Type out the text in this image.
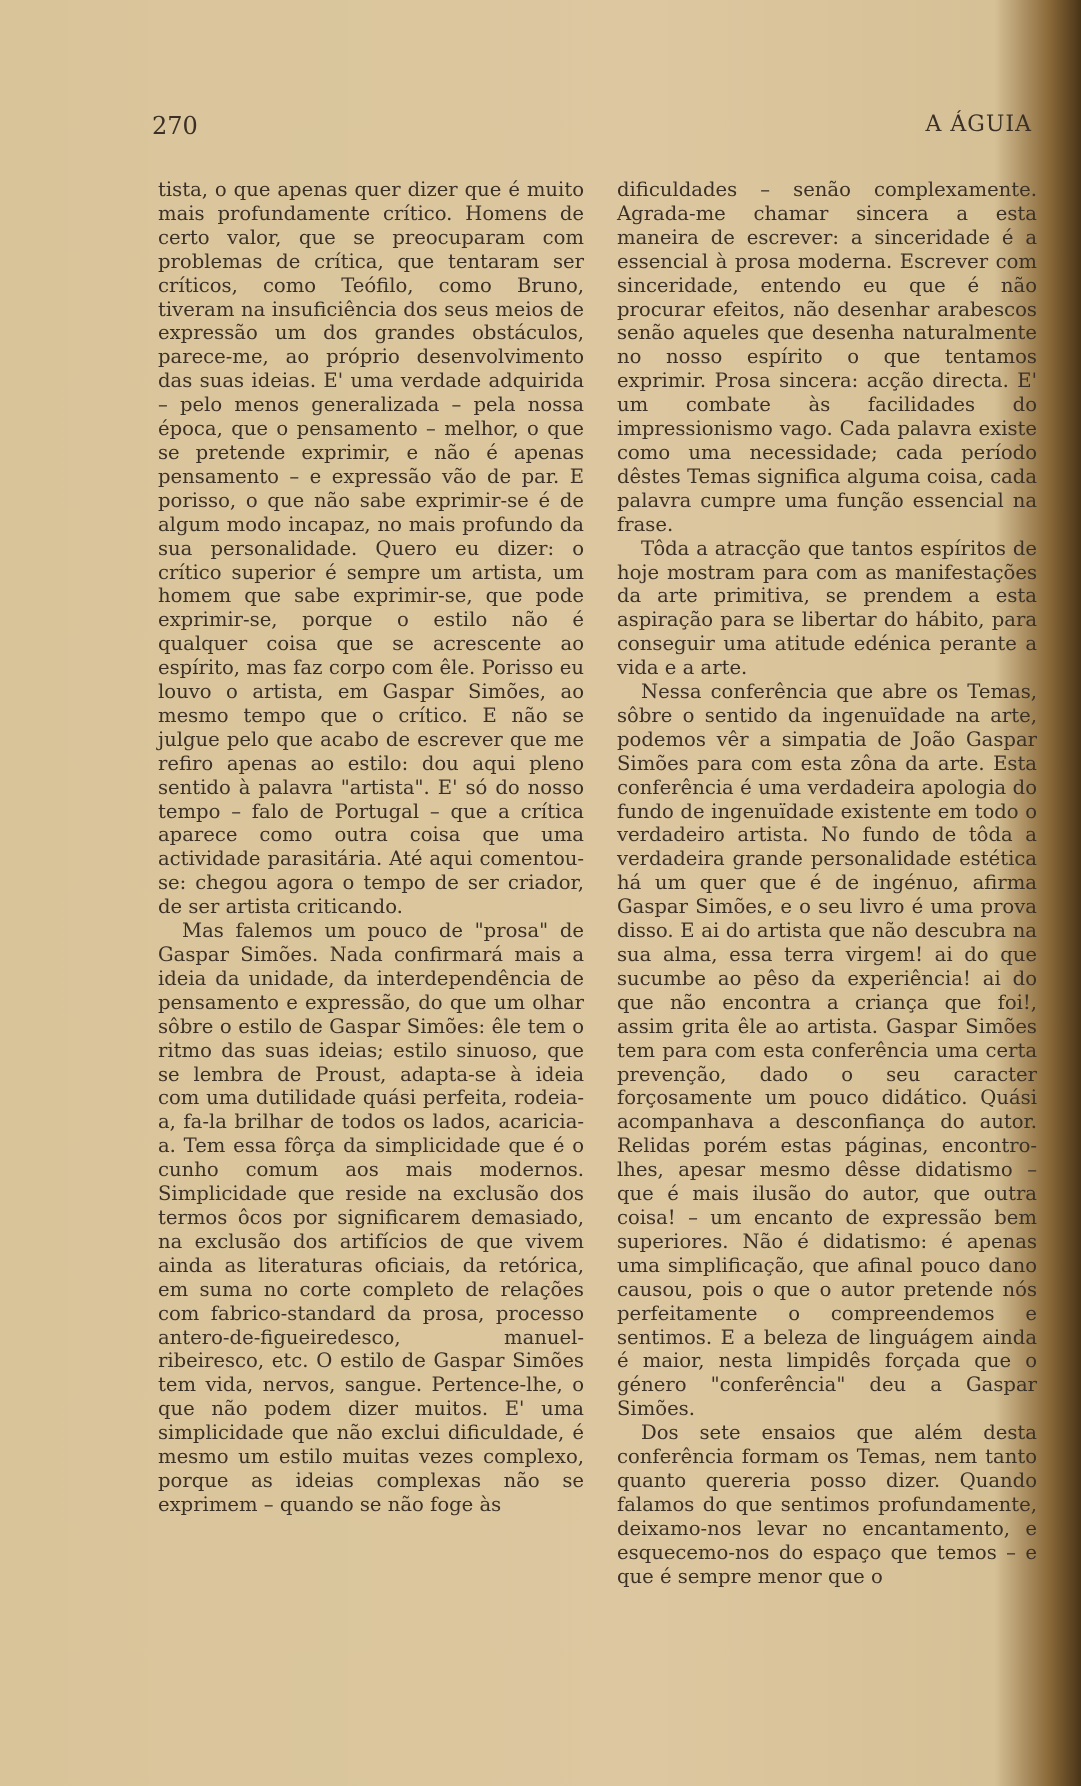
270	A ÁGUIA

tista, o que apenas quer dizer que é muito mais profundamente crítico. Homens de certo valor, que se preocuparam com problemas de crítica, que tentaram ser críticos, como Teófilo, como Bruno, tiveram na insuficiência dos seus meios de expressão um dos grandes obstáculos, parece-me, ao próprio desenvolvimento das suas ideias. E' uma verdade adquirida – pelo menos generalizada – pela nossa época, que o pensamento – melhor, o que se pretende exprimir, e não é apenas pensamento – e expressão vão de par. E porisso, o que não sabe exprimir-se é de algum modo incapaz, no mais profundo da sua personalidade. Quero eu dizer: o crítico superior é sempre um artista, um homem que sabe exprimir-se, que pode exprimir-se, porque o estilo não é qualquer coisa que se acrescente ao espírito, mas faz corpo com êle. Porisso eu louvo o artista, em Gaspar Simões, ao mesmo tempo que o crítico. E não se julgue pelo que acabo de escrever que me refiro apenas ao estilo: dou aqui pleno sentido à palavra "artista". E' só do nosso tempo – falo de Portugal – que a crítica aparece como outra coisa que uma actividade parasitária. Até aqui comentou-se: chegou agora o tempo de ser criador, de ser artista criticando.

Mas falemos um pouco de "prosa" de Gaspar Simões. Nada confirmará mais a ideia da unidade, da interdependência de pensamento e expressão, do que um olhar sôbre o estilo de Gaspar Simões: êle tem o ritmo das suas ideias; estilo sinuoso, que se lembra de Proust, adapta-se à ideia com uma dutilidade quási perfeita, rodeia-a, fa-la brilhar de todos os lados, acaricia-a. Tem essa fôrça da simplicidade que é o cunho comum aos mais modernos. Simplicidade que reside na exclusão dos termos ôcos por significarem demasiado, na exclusão dos artifícios de que vivem ainda as literaturas oficiais, da retórica, em suma no corte completo de relações com fabrico-standard da prosa, processo antero-de-figueiredesco, manuel-ribeiresco, etc. O estilo de Gaspar Simões tem vida, nervos, sangue. Pertence-lhe, o que não podem dizer muitos. E' uma simplicidade que não exclui dificuldade, é mesmo um estilo muitas vezes complexo, porque as ideias complexas não se exprimem – quando se não foge às

dificuldades – senão complexamente. Agrada-me chamar sincera a esta maneira de escrever: a sinceridade é a essencial à prosa moderna. Escrever com sinceridade, entendo eu que é não procurar efeitos, não desenhar arabescos senão aqueles que desenha naturalmente no nosso espírito o que tentamos exprimir. Prosa sincera: acção directa. E' um combate às facilidades do impressionismo vago. Cada palavra existe como uma necessidade; cada período dêstes Temas significa alguma coisa, cada palavra cumpre uma função essencial na frase.

Tôda a atracção que tantos espíritos de hoje mostram para com as manifestações da arte primitiva, se prendem a esta aspiração para se libertar do hábito, para conseguir uma atitude edénica perante a vida e a arte.

Nessa conferência que abre os Temas, sôbre o sentido da ingenuïdade na arte, podemos vêr a simpatia de João Gaspar Simões para com esta zôna da arte. Esta conferência é uma verdadeira apologia do fundo de ingenuïdade existente em todo o verdadeiro artista. No fundo de tôda a verdadeira grande personalidade estética há um quer que é de ingénuo, afirma Gaspar Simões, e o seu livro é uma prova disso. E ai do artista que não descubra na sua alma, essa terra virgem! ai do que sucumbe ao pêso da experiência! ai do que não encontra a criança que foi!, assim grita êle ao artista. Gaspar Simões tem para com esta conferência uma certa prevenção, dado o seu caracter forçosamente um pouco didático. Quási acompanhava a desconfiança do autor. Relidas porém estas páginas, encontro-lhes, apesar mesmo dêsse didatismo – que é mais ilusão do autor, que outra coisa! – um encanto de expressão bem superiores. Não é didatismo: é apenas uma simplificação, que afinal pouco dano causou, pois o que o autor pretende nós perfeitamente o compreendemos e sentimos. E a beleza de linguágem ainda é maior, nesta limpidês forçada que o género "conferência" deu a Gaspar Simões.

Dos sete ensaios que além desta conferência formam os Temas, nem tanto quanto quereria posso dizer. Quando falamos do que sentimos profundamente, deixamo-nos levar no encantamento, e esquecemo-nos do espaço que temos – e que é sempre menor que o
